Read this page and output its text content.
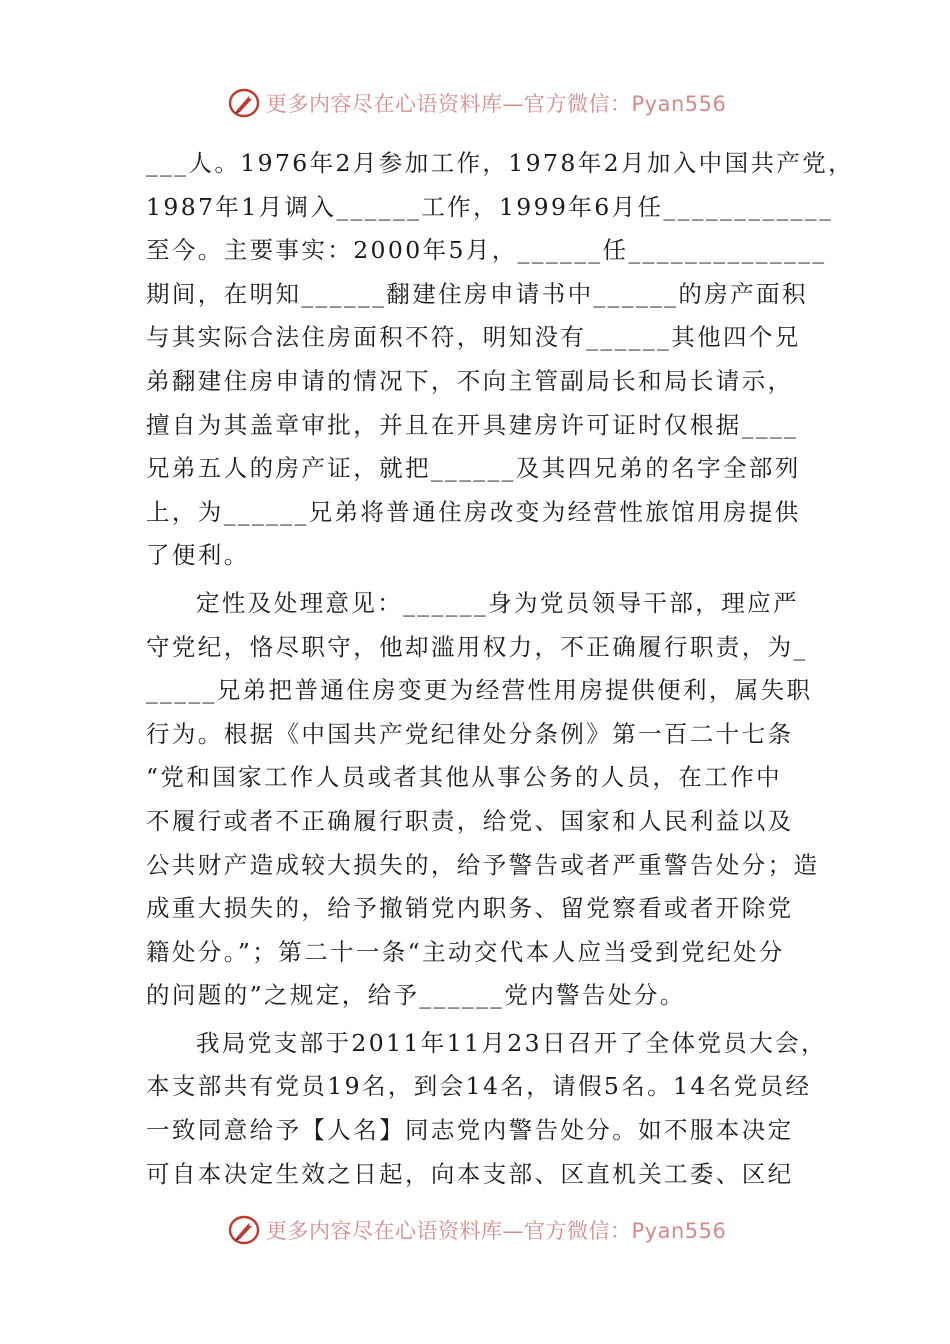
更多内容尽在心语资料库—官方微信：Pyan556
___人。1976年2月参加工作，1978年2月加入中国共产党，
1987年1月调入______工作，1999年6月任____________
至今。主要事实：2000年5月，______任______________
期间，在明知______翻建住房申请书中______的房产面积
与其实际合法住房面积不符，明知没有______其他四个兄
弟翻建住房申请的情况下，不向主管副局长和局长请示，
擅自为其盖章审批，并且在开具建房许可证时仅根据____
兄弟五人的房产证，就把______及其四兄弟的名字全部列
上，为______兄弟将普通住房改变为经营性旅馆用房提供
了便利。
定性及处理意见：______身为党员领导干部，理应严
守党纪，恪尽职守，他却滥用权力，不正确履行职责，为_
_____兄弟把普通住房变更为经营性用房提供便利，属失职
行为。根据《中国共产党纪律处分条例》第一百二十七条
“党和国家工作人员或者其他从事公务的人员，在工作中
不履行或者不正确履行职责，给党、国家和人民利益以及
公共财产造成较大损失的，给予警告或者严重警告处分；造
成重大损失的，给予撤销党内职务、留党察看或者开除党
籍处分。”；第二十一条“主动交代本人应当受到党纪处分
的问题的”之规定，给予______党内警告处分。
我局党支部于2011年11月23日召开了全体党员大会，
本支部共有党员19名，到会14名，请假5名。14名党员经
一致同意给予【人名】同志党内警告处分。如不服本决定
可自本决定生效之日起，向本支部、区直机关工委、区纪
更多内容尽在心语资料库—官方微信：Pyan556
